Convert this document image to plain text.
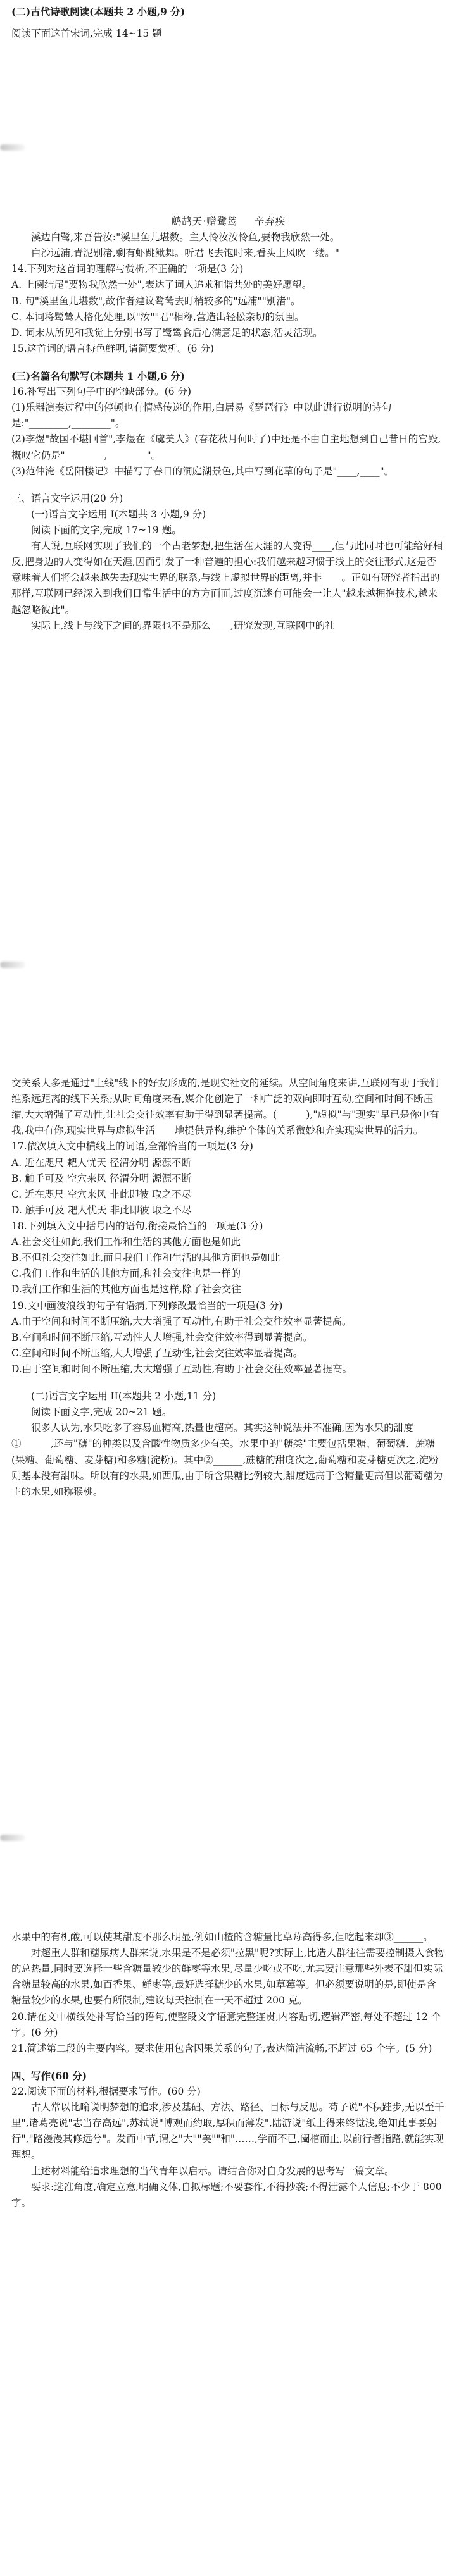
(二)古代诗歌阅读(本题共 2 小题,9 分)

阅读下面这首宋词,完成 14~15 题

鹧鸪天·赠鹭鸶 辛弃疾

溪边白鹭,来吾告汝:"溪里鱼儿堪数。主人怜汝汝怜鱼,要物我欣然一处。

白沙远浦,青泥别渚,剩有虾跳鳅舞。听君飞去饱时来,看头上风吹一缕。"

14.下列对这首词的理解与赏析,不正确的一项是(3 分)

A. 上阕结尾"要物我欣然一处",表达了词人追求和谐共处的美好愿望。

B. 句"溪里鱼儿堪数",故作者建议鹭鸶去盯梢较多的"远浦""别渚"。

C. 本词将鹭鸶人格化处理,以"汝""君"相称,营造出轻松亲切的氛围。

D. 词末从所见和我觉上分别书写了鹭鸶食后心满意足的状态,活灵活现。

15.这首词的语言特色鲜明,请简要赏析。(6 分)

(三)名篇名句默写(本题共 1 小题,6 分)

16.补写出下列句子中的空缺部分。(6 分)

(1)乐器演奏过程中的停顿也有情感传递的作用,白居易《琵琶行》中以此进行说明的诗句是:"________,________"。

(2)李煜"故国不堪回首",李煜在《虞美人》(春花秋月何时了)中还是不由自主地想到自己昔日的宫殿,概叹它仍是"________,________"。

(3)范仲淹《岳阳楼记》中描写了春日的洞庭湖景色,其中写到花草的句子是"____,____"。

三、语言文字运用(20 分)

(一)语言文字运用 I(本题共 3 小题,9 分)

阅读下面的文字,完成 17~19 题。

有人说,互联网实现了我们的一个古老梦想,把生活在天涯的人变得____,但与此同时也可能给好相反,把身边的人变得如在天涯,因而引发了一种普遍的担心:我们越来越习惯于线上的交往形式,这是否意味着人们将会越来越失去现实世界的联系,与线上虚拟世界的距离,并非____。正如有研究者指出的那样,互联网已经深入到我们日常生活中的方方面面,过度沉迷有可能会一让人"越来越拥抱技术,越来越忽略彼此"。

实际上,线上与线下之间的界限也不是那么____,研究发现,互联网中的社

交关系大多是通过"上线"线下的好友形成的,是现实社交的延续。从空间角度来讲,互联网有助于我们维系远距离的线下关系;从时间角度来看,媒介化创造了一种广泛的双向即时互动,空间和时间不断压缩,大大增强了互动性,让社会交往效率有助于得到显著提高。(______),"虚拟"与"现实"早已是你中有我,我中有你,现实世界与虚拟生活____地提供异构,维护个体的关系微妙和充实现实世界的活力。

17.依次填入文中横线上的词语,全部恰当的一项是(3 分)

A. 近在咫尺 耙人忧天 径渭分明 源源不断

B. 触手可及 空穴来风 径渭分明 源源不断

C. 近在咫尺 空穴来风 非此即彼 取之不尽

D. 触手可及 耙人忧天 非此即彼 取之不尽

18.下列填入文中括号内的语句,衔接最恰当的一项是(3 分)

A.社会交往如此,我们工作和生活的其他方面也是如此

B.不但社会交往如此,而且我们工作和生活的其他方面也是如此

C.我们工作和生活的其他方面,和社会交往也是一样的

D.我们工作和生活的其他方面也是这样,除了社会交往

19.文中画波浪线的句子有语病,下列修改最恰当的一项是(3 分)

A.由于空间和时间不断压缩,大大增强了互动性,有助于社会交往效率显著提高。

B.空间和时间不断压缩,互动性大大增强,社会交往效率得到显著提高。

C.空间和时间不断压缩,大大增强了互动性,社会交往效率显著提高。

D.由于空间和时间不断压缩,大大增强了互动性,有助于社会交往效率显著提高。

(二)语言文字运用 II(本题共 2 小题,11 分)

阅读下面文字,完成 20~21 题。

很多人认为,水果吃多了容易血糖高,热量也超高。其实这种说法并不准确,因为水果的甜度①______,还与"糖"的种类以及含酸性物质多少有关。水果中的"糖类"主要包括果糖、葡萄糖、蔗糖(果糖、葡萄糖、麦芽糖)和多糖(淀粉)。其中②______,蔗糖的甜度次之,葡萄糖和麦芽糖更次之,淀粉则基本没有甜味。所以有的水果,如西瓜,由于所含果糖比例较大,甜度远高于含糖量更高但以葡萄糖为主的水果,如猕猴桃。

水果中的有机酸,可以使其甜度不那么明显,例如山楂的含糖量比草莓高得多,但吃起来却③______。

对超重人群和糖尿病人群来说,水果是不是必须"拉黑"呢?实际上,比造人群往往需要控制摄入食物的总热量,同时要选择一些含糖量较少的鲜枣等水果,尽量少吃或不吃,尤其要注意那些外表不甜但实际含糖量较高的水果,如百香果、鲜枣等,最好选择糖少的水果,如草莓等。但必须要说明的是,即使是含糖量较少的水果,也要有所限制,建议每天控制在一天不超过 200 克。

20.请在文中横线处补写恰当的语句,使整段文字语意完整连贯,内容贴切,逻辑严密,每处不超过 12 个字。(6 分)

21.简述第二段的主要内容。要求使用包含因果关系的句子,表达简洁流畅,不超过 65 个字。(5 分)

四、写作(60 分)

22.阅读下面的材料,根据要求写作。(60 分)

古人常以比喻说明梦想的追求,涉及基础、方法、路径、目标与反思。苟子说"不积跬步,无以至千里",诸葛亮说"志当存高远",苏轼说"博观而约取,厚积而薄发",陆游说"纸上得来终觉浅,绝知此事要躬行","路漫漫其修远兮"。发而中节,谓之"大""美""和"……,学而不已,阖棺而止,以前行者指路,就能实现理想。

上述材料能给追求理想的当代青年以启示。请结合你对自身发展的思考写一篇文章。

要求:选准角度,确定立意,明确文体,自拟标题;不要套作,不得抄袭;不得泄露个人信息;不少于 800 字。
